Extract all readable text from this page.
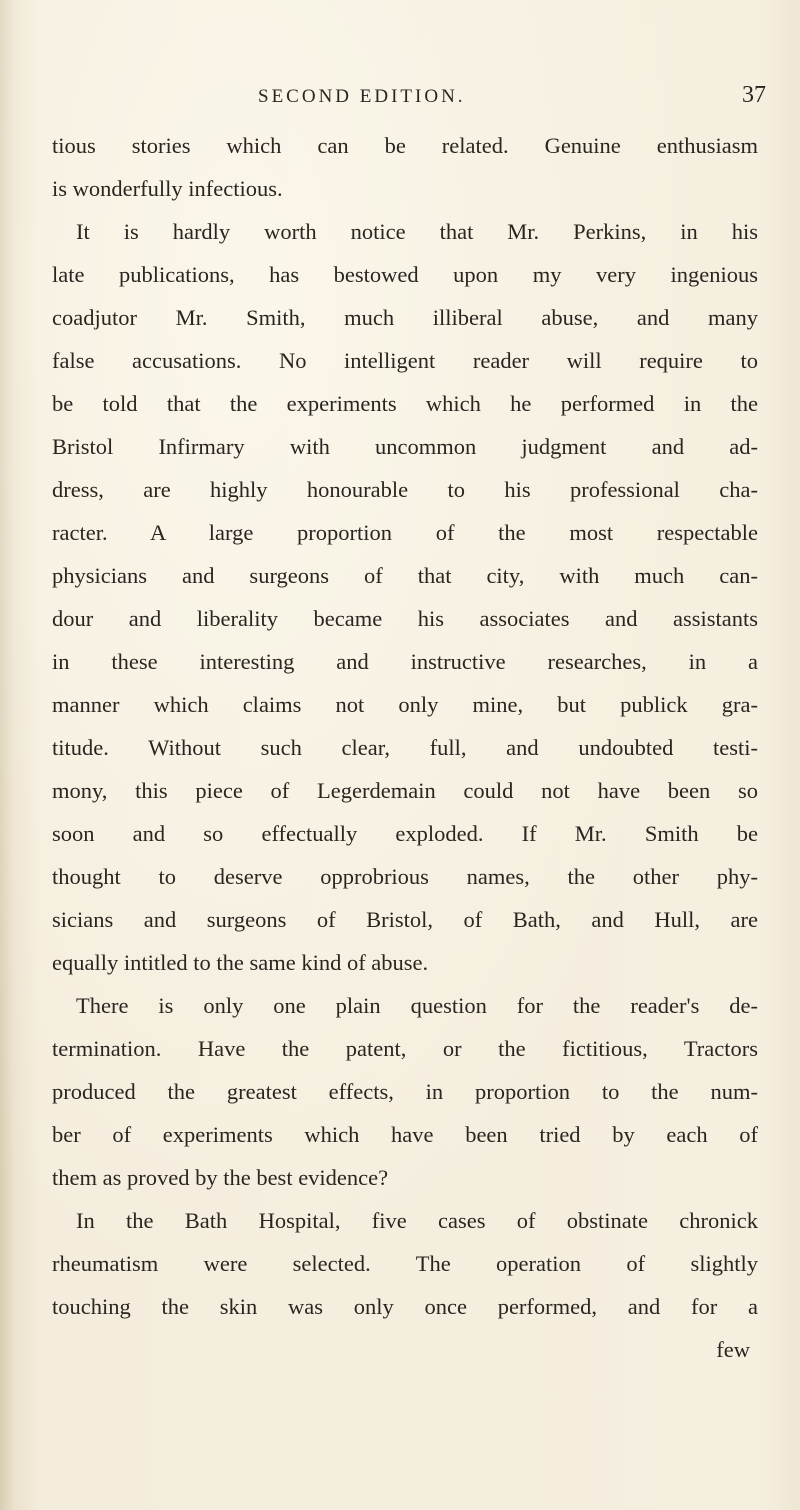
SECOND EDITION.	37
tious stories which can be related. Genuine enthusiasm
is wonderfully infectious.
It is hardly worth notice that Mr. Perkins, in his
late publications, has bestowed upon my very ingenious
coadjutor Mr. Smith, much illiberal abuse, and many
false accusations. No intelligent reader will require to
be told that the experiments which he performed in the
Bristol Infirmary with uncommon judgment and ad-
dress, are highly honourable to his professional cha-
racter. A large proportion of the most respectable
physicians and surgeons of that city, with much can-
dour and liberality became his associates and assistants
in these interesting and instructive researches, in a
manner which claims not only mine, but publick gra-
titude. Without such clear, full, and undoubted testi-
mony, this piece of Legerdemain could not have been so
soon and so effectually exploded. If Mr. Smith be
thought to deserve opprobrious names, the other phy-
sicians and surgeons of Bristol, of Bath, and Hull, are
equally intitled to the same kind of abuse.
There is only one plain question for the reader's de-
termination. Have the patent, or the fictitious, Tractors
produced the greatest effects, in proportion to the num-
ber of experiments which have been tried by each of
them as proved by the best evidence?
In the Bath Hospital, five cases of obstinate chronick
rheumatism were selected. The operation of slightly
touching the skin was only once performed, and for a
few
